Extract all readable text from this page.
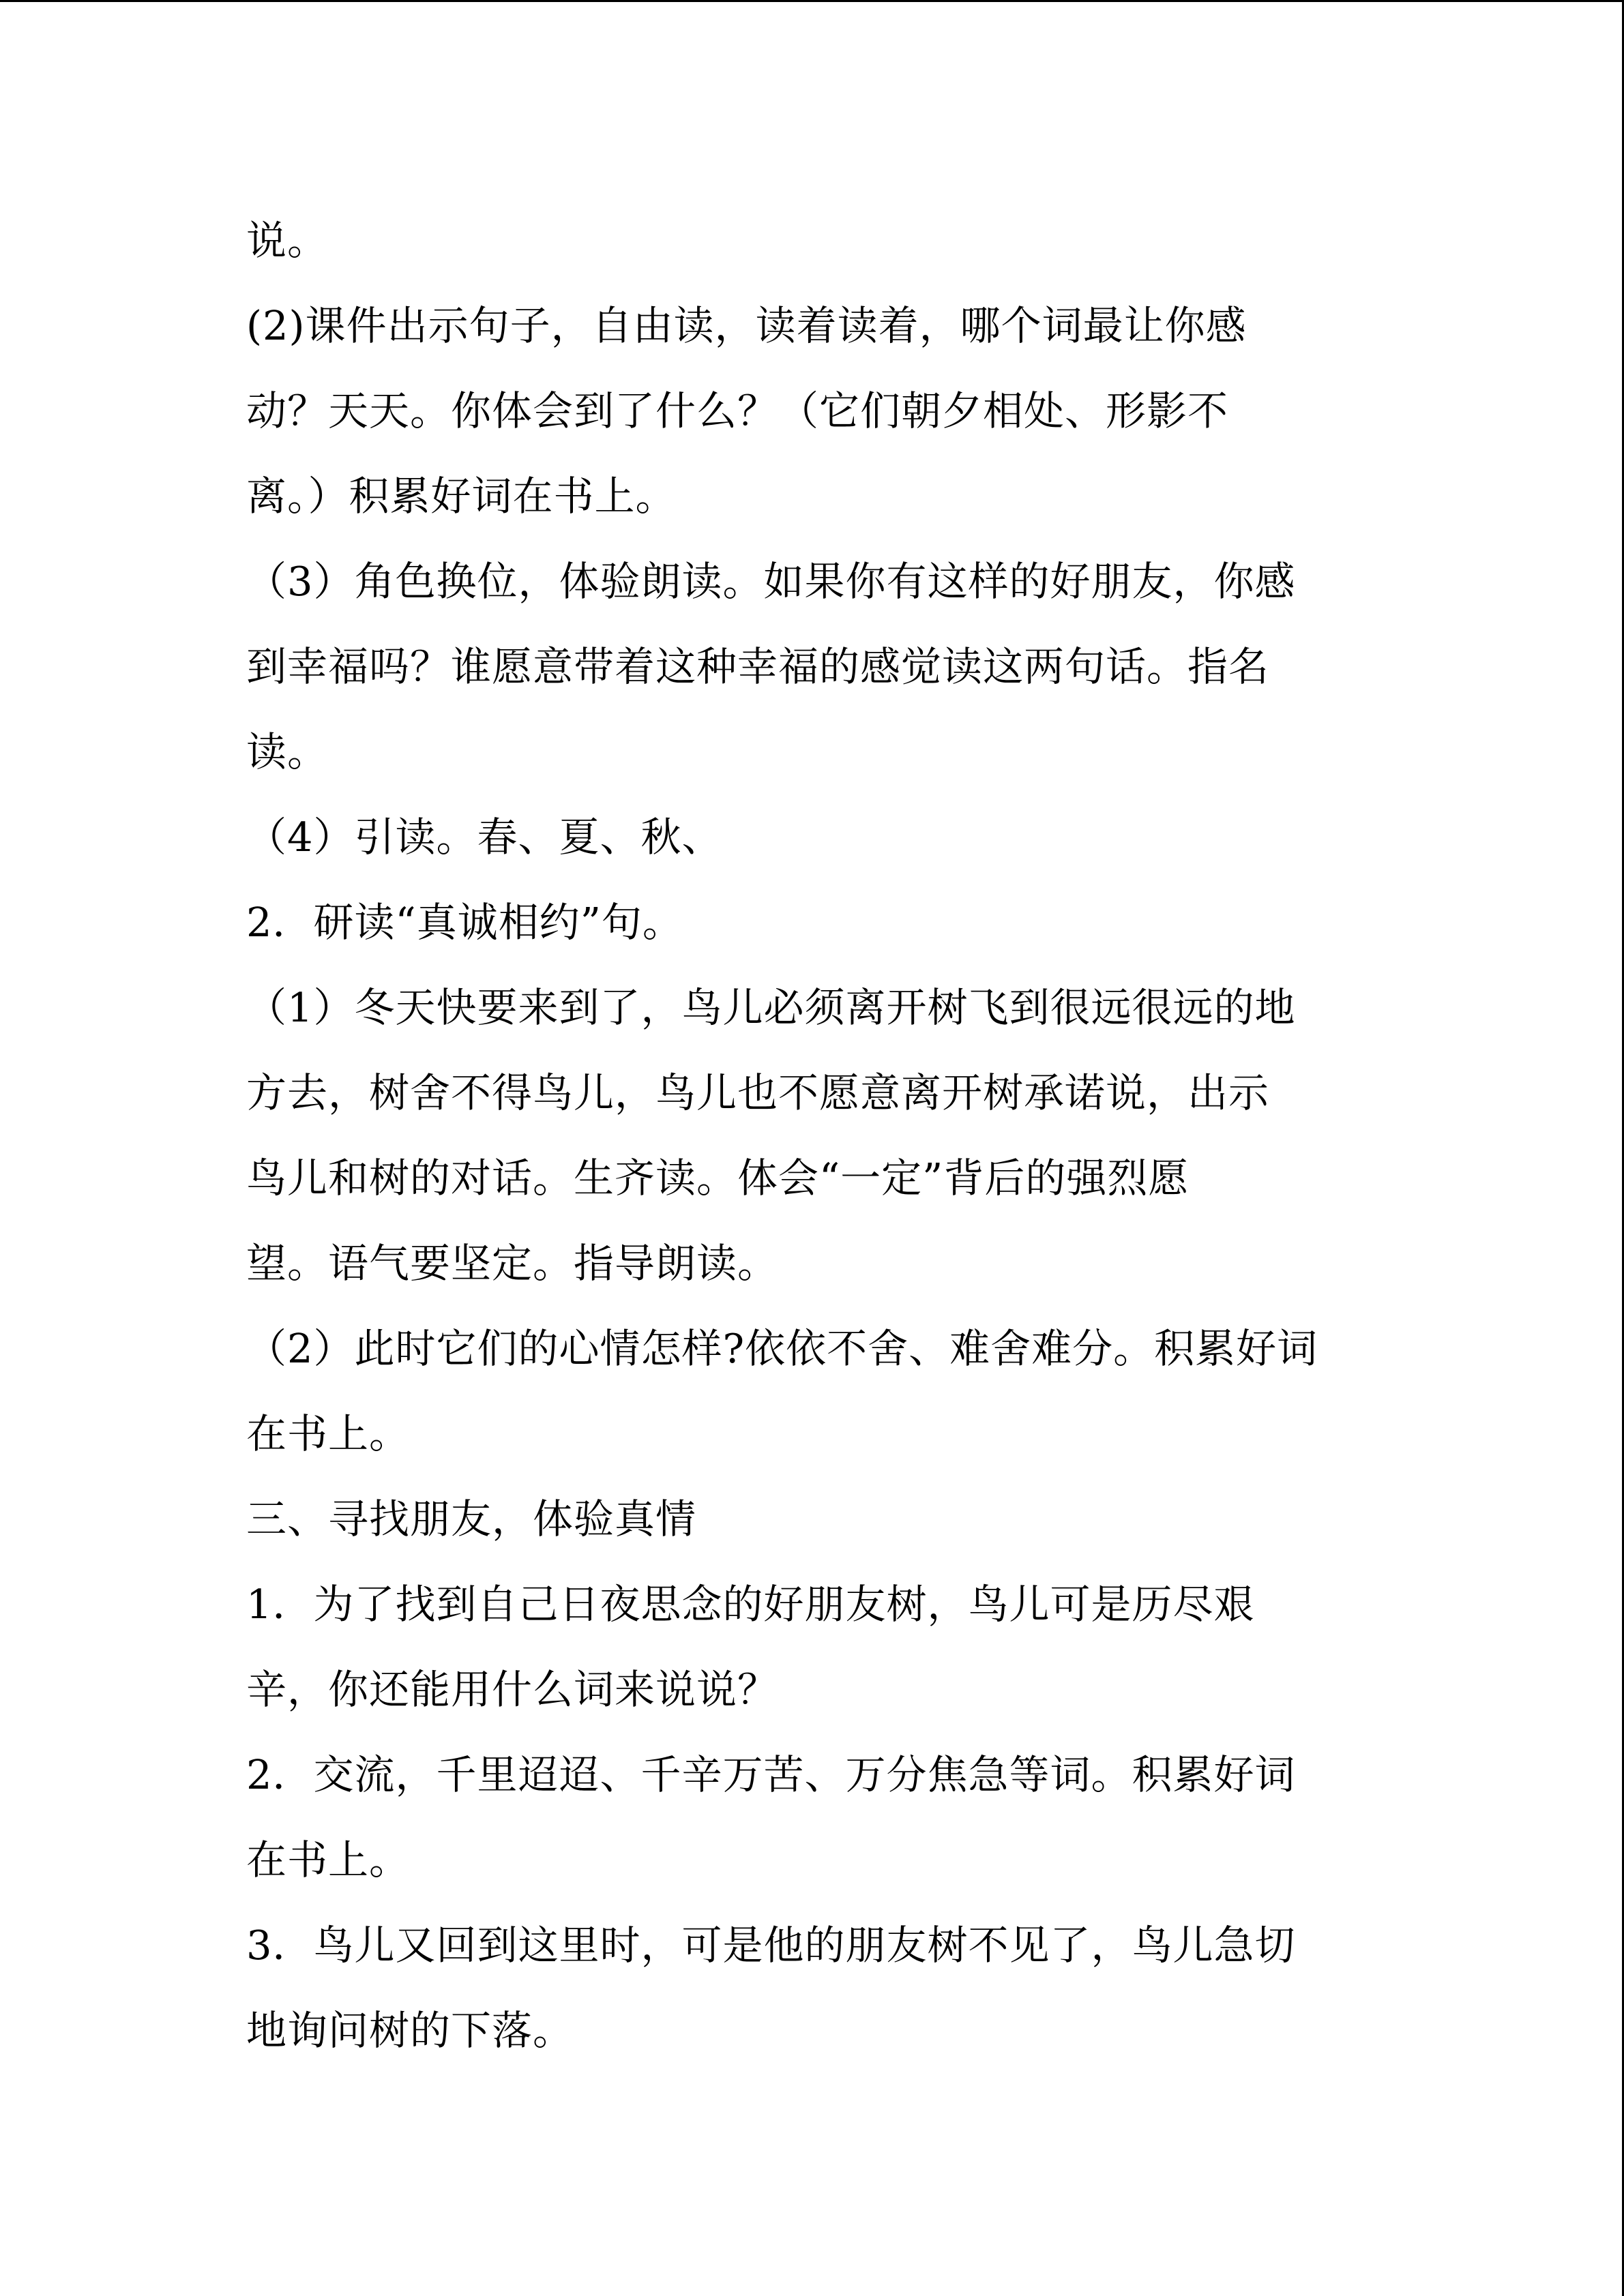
说。
(2)课件出示句子，自由读，读着读着，哪个词最让你感
动？天天。你体会到了什么？（它们朝夕相处、形影不
离。）积累好词在书上。
（3）角色换位，体验朗读。如果你有这样的好朋友，你感
到幸福吗？谁愿意带着这种幸福的感觉读这两句话。指名
读。
（4）引读。春、夏、秋、
2．研读“真诚相约”句。
（1）冬天快要来到了，鸟儿必须离开树飞到很远很远的地
方去，树舍不得鸟儿，鸟儿也不愿意离开树承诺说，出示
鸟儿和树的对话。生齐读。体会“一定”背后的强烈愿
望。语气要坚定。指导朗读。
（2）此时它们的心情怎样?依依不舍、难舍难分。积累好词
在书上。
三、寻找朋友，体验真情
1．为了找到自己日夜思念的好朋友树，鸟儿可是历尽艰
辛，你还能用什么词来说说？
2．交流，千里迢迢、千辛万苦、万分焦急等词。积累好词
在书上。
3．鸟儿又回到这里时，可是他的朋友树不见了，鸟儿急切
地询问树的下落。
